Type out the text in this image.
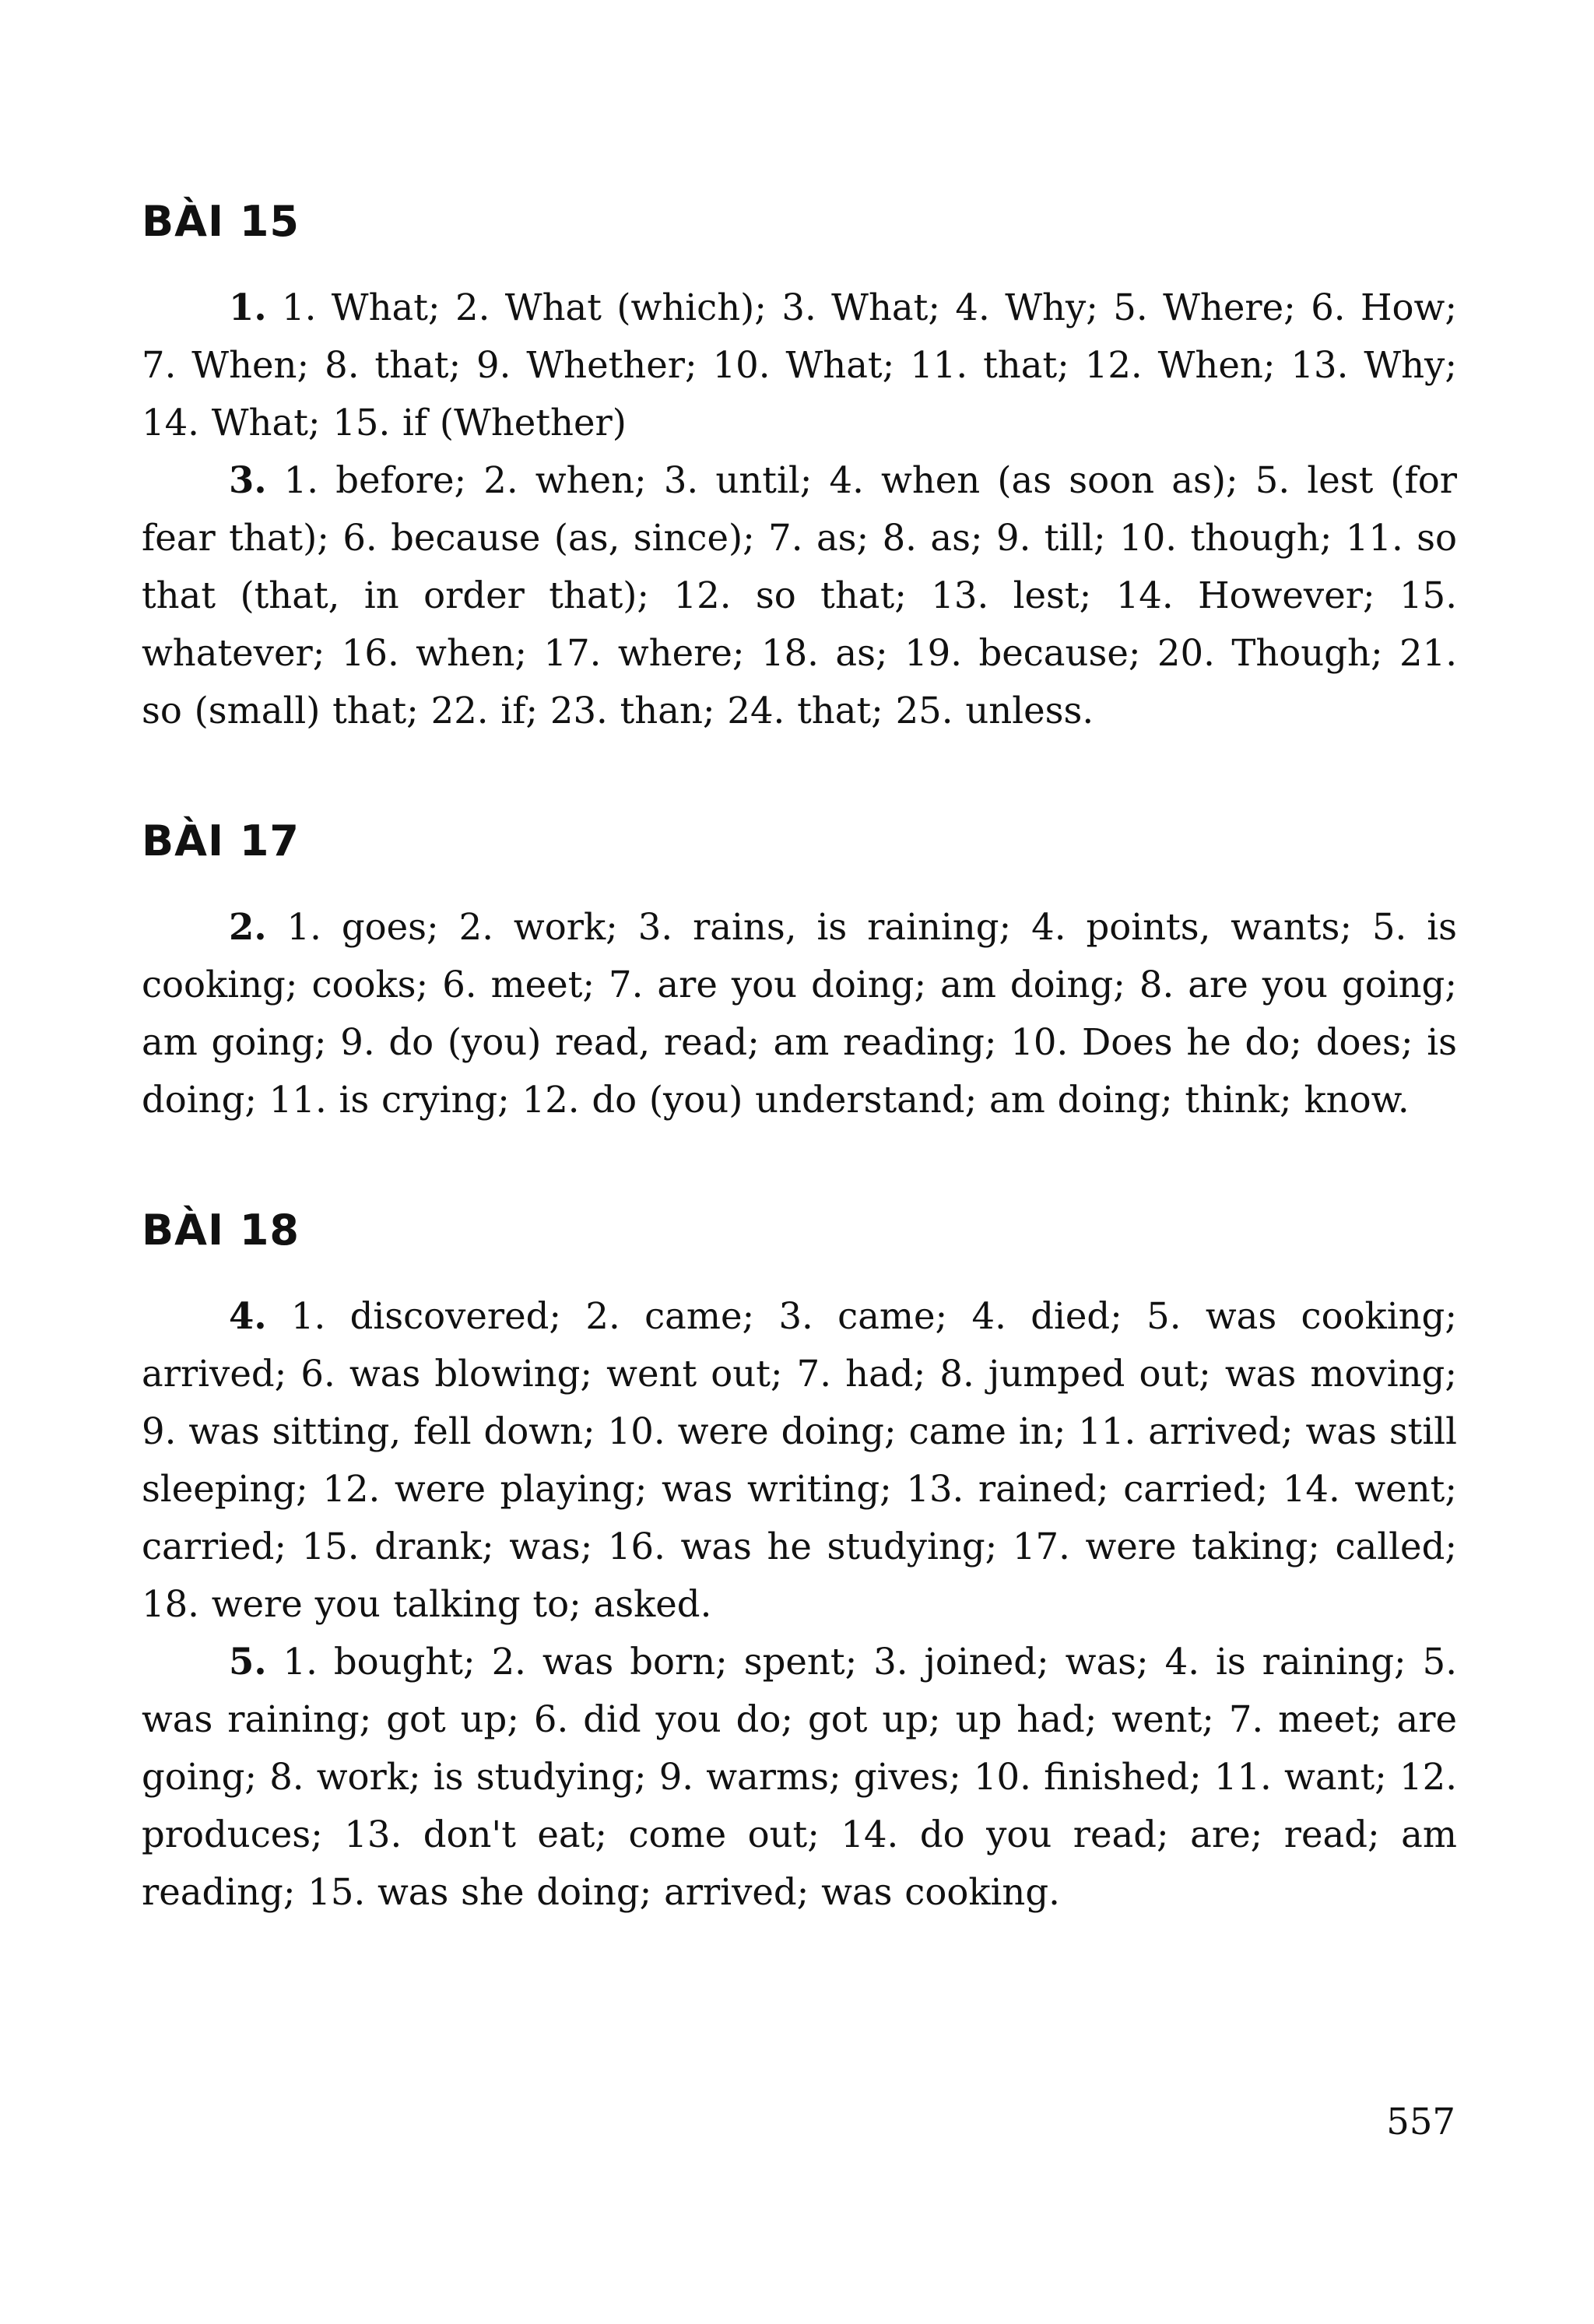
BÀI 15

1. 1. What; 2. What (which); 3. What; 4. Why; 5. Where; 6. How; 7. When; 8. that; 9. Whether; 10. What; 11. that; 12. When; 13. Why; 14. What; 15. if (Whether)

3. 1. before; 2. when; 3. until; 4. when (as soon as); 5. lest (for fear that); 6. because (as, since); 7. as; 8. as; 9. till; 10. though; 11. so that (that, in order that); 12. so that; 13. lest; 14. However; 15. whatever; 16. when; 17. where; 18. as; 19. because; 20. Though; 21. so (small) that; 22. if; 23. than; 24. that; 25. unless.

BÀI 17

2. 1. goes; 2. work; 3. rains, is raining; 4. points, wants; 5. is cooking; cooks; 6. meet; 7. are you doing; am doing; 8. are you going; am going; 9. do (you) read, read; am reading; 10. Does he do; does; is doing; 11. is crying; 12. do (you) understand; am doing; think; know.

BÀI 18

4. 1. discovered; 2. came; 3. came; 4. died; 5. was cooking; arrived; 6. was blowing; went out; 7. had; 8. jumped out; was moving; 9. was sitting, fell down; 10. were doing; came in; 11. arrived; was still sleeping; 12. were playing; was writing; 13. rained; carried; 14. went; carried; 15. drank; was; 16. was he studying; 17. were taking; called; 18. were you talking to; asked.

5. 1. bought; 2. was born; spent; 3. joined; was; 4. is raining; 5. was raining; got up; 6. did you do; got up; up had; went; 7. meet; are going; 8. work; is studying; 9. warms; gives; 10. finished; 11. want; 12. produces; 13. don't eat; come out; 14. do you read; are; read; am reading; 15. was she doing; arrived; was cooking.

557
